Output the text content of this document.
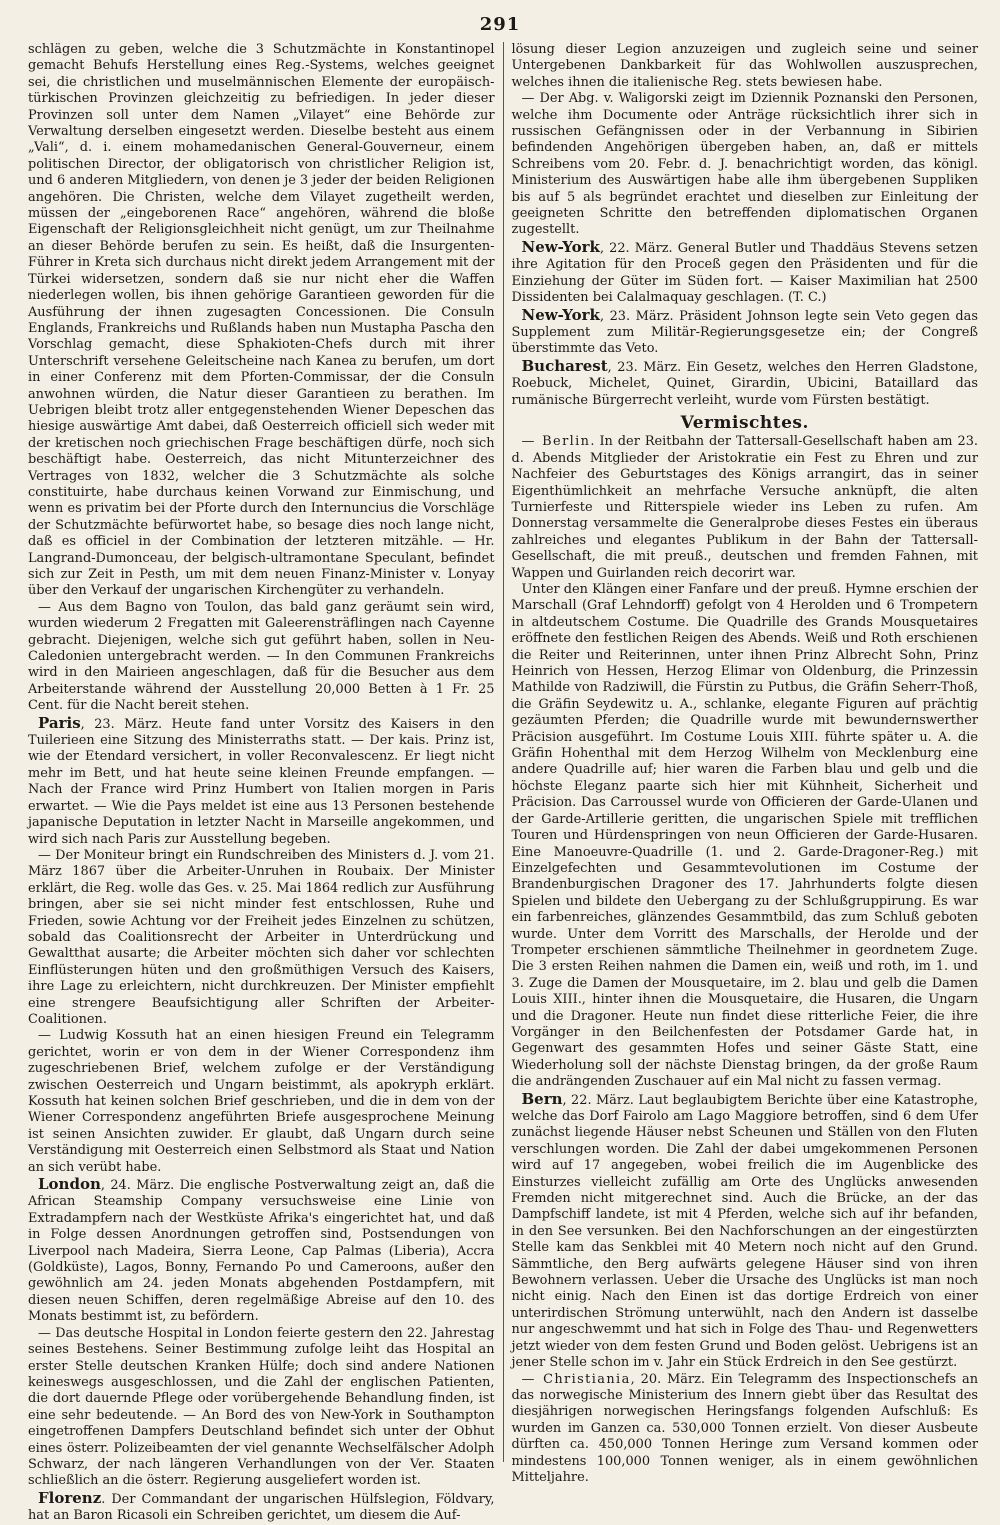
291

schlägen zu geben, welche die 3 Schutzmächte in Konstantinopel gemacht Behufs Herstellung eines Reg.-Systems, welches geeignet sei, die christlichen und muselmännischen Elemente der europäisch-türkischen Provinzen gleichzeitig zu befriedigen. In jeder dieser Provinzen soll unter dem Namen „Vilayet“ eine Behörde zur Verwaltung derselben eingesetzt werden. Dieselbe besteht aus einem „Vali“, d. i. einem mohamedanischen General-Gouverneur, einem politischen Director, der obligatorisch von christlicher Religion ist, und 6 anderen Mitgliedern, von denen je 3 jeder der beiden Religionen angehören. Die Christen, welche dem Vilayet zugetheilt werden, müssen der „eingeborenen Race“ angehören, während die bloße Eigenschaft der Religionsgleichheit nicht genügt, um zur Theilnahme an dieser Behörde berufen zu sein. Es heißt, daß die Insurgenten-Führer in Kreta sich durchaus nicht direkt jedem Arrangement mit der Türkei widersetzen, sondern daß sie nur nicht eher die Waffen niederlegen wollen, bis ihnen gehörige Garantieen geworden für die Ausführung der ihnen zugesagten Concessionen. Die Consuln Englands, Frankreichs und Rußlands haben nun Mustapha Pascha den Vorschlag gemacht, diese Sphakioten-Chefs durch mit ihrer Unterschrift versehene Geleitscheine nach Kanea zu berufen, um dort in einer Conferenz mit dem Pforten-Commissar, der die Consuln anwohnen würden, die Natur dieser Garantieen zu berathen. Im Uebrigen bleibt trotz aller entgegenstehenden Wiener Depeschen das hiesige auswärtige Amt dabei, daß Oesterreich officiell sich weder mit der kretischen noch griechischen Frage beschäftigen dürfe, noch sich beschäftigt habe. Oesterreich, das nicht Mitunterzeichner des Vertrages von 1832, welcher die 3 Schutzmächte als solche constituirte, habe durchaus keinen Vorwand zur Einmischung, und wenn es privatim bei der Pforte durch den Internuncius die Vorschläge der Schutzmächte befürwortet habe, so besage dies noch lange nicht, daß es officiel in der Combination der letzteren mitzähle. — Hr. Langrand-Dumonceau, der belgisch-ultramontane Speculant, befindet sich zur Zeit in Pesth, um mit dem neuen Finanz-Minister v. Lonyay über den Verkauf der ungarischen Kirchengüter zu verhandeln.

— Aus dem Bagno von Toulon, das bald ganz geräumt sein wird, wurden wiederum 2 Fregatten mit Galeerensträflingen nach Cayenne gebracht. Diejenigen, welche sich gut geführt haben, sollen in Neu-Caledonien untergebracht werden. — In den Communen Frankreichs wird in den Mairieen angeschlagen, daß für die Besucher aus dem Arbeiterstande während der Ausstellung 20,000 Betten à 1 Fr. 25 Cent. für die Nacht bereit stehen.

Paris, 23. März. Heute fand unter Vorsitz des Kaisers in den Tuilerieen eine Sitzung des Ministerraths statt. — Der kais. Prinz ist, wie der Etendard versichert, in voller Reconvalescenz. Er liegt nicht mehr im Bett, und hat heute seine kleinen Freunde empfangen. — Nach der France wird Prinz Humbert von Italien morgen in Paris erwartet. — Wie die Pays meldet ist eine aus 13 Personen bestehende japanische Deputation in letzter Nacht in Marseille angekommen, und wird sich nach Paris zur Ausstellung begeben.

— Der Moniteur bringt ein Rundschreiben des Ministers d. J. vom 21. März 1867 über die Arbeiter-Unruhen in Roubaix. Der Minister erklärt, die Reg. wolle das Ges. v. 25. Mai 1864 redlich zur Ausführung bringen, aber sie sei nicht minder fest entschlossen, Ruhe und Frieden, sowie Achtung vor der Freiheit jedes Einzelnen zu schützen, sobald das Coalitionsrecht der Arbeiter in Unterdrückung und Gewaltthat ausarte; die Arbeiter möchten sich daher vor schlechten Einflüsterungen hüten und den großmüthigen Versuch des Kaisers, ihre Lage zu erleichtern, nicht durchkreuzen. Der Minister empfiehlt eine strengere Beaufsichtigung aller Schriften der Arbeiter-Coalitionen.

— Ludwig Kossuth hat an einen hiesigen Freund ein Telegramm gerichtet, worin er von dem in der Wiener Correspondenz ihm zugeschriebenen Brief, welchem zufolge er der Verständigung zwischen Oesterreich und Ungarn beistimmt, als apokryph erklärt. Kossuth hat keinen solchen Brief geschrieben, und die in dem von der Wiener Correspondenz angeführten Briefe ausgesprochene Meinung ist seinen Ansichten zuwider. Er glaubt, daß Ungarn durch seine Verständigung mit Oesterreich einen Selbstmord als Staat und Nation an sich verübt habe.

London, 24. März. Die englische Postverwaltung zeigt an, daß die African Steamship Company versuchsweise eine Linie von Extradampfern nach der Westküste Afrika's eingerichtet hat, und daß in Folge dessen Anordnungen getroffen sind, Postsendungen von Liverpool nach Madeira, Sierra Leone, Cap Palmas (Liberia), Accra (Goldküste), Lagos, Bonny, Fernando Po und Cameroons, außer den gewöhnlich am 24. jeden Monats abgehenden Postdampfern, mit diesen neuen Schiffen, deren regelmäßige Abreise auf den 10. des Monats bestimmt ist, zu befördern.

— Das deutsche Hospital in London feierte gestern den 22. Jahrestag seines Bestehens. Seiner Bestimmung zufolge leiht das Hospital an erster Stelle deutschen Kranken Hülfe; doch sind andere Nationen keineswegs ausgeschlossen, und die Zahl der englischen Patienten, die dort dauernde Pflege oder vorübergehende Behandlung finden, ist eine sehr bedeutende. — An Bord des von New-York in Southampton eingetroffenen Dampfers Deutschland befindet sich unter der Obhut eines österr. Polizeibeamten der viel genannte Wechselfälscher Adolph Schwarz, der nach längeren Verhandlungen von der Ver. Staaten schließlich an die österr. Regierung ausgeliefert worden ist.

Florenz. Der Commandant der ungarischen Hülfslegion, Földvary, hat an Baron Ricasoli ein Schreiben gerichtet, um diesem die Auf-

lösung dieser Legion anzuzeigen und zugleich seine und seiner Untergebenen Dankbarkeit für das Wohlwollen auszusprechen, welches ihnen die italienische Reg. stets bewiesen habe.

— Der Abg. v. Waligorski zeigt im Dziennik Poznanski den Personen, welche ihm Documente oder Anträge rücksichtlich ihrer sich in russischen Gefängnissen oder in der Verbannung in Sibirien befindenden Angehörigen übergeben haben, an, daß er mittels Schreibens vom 20. Febr. d. J. benachrichtigt worden, das königl. Ministerium des Auswärtigen habe alle ihm übergebenen Suppliken bis auf 5 als begründet erachtet und dieselben zur Einleitung der geeigneten Schritte den betreffenden diplomatischen Organen zugestellt.

New-York, 22. März. General Butler und Thaddäus Stevens setzen ihre Agitation für den Proceß gegen den Präsidenten und für die Einziehung der Güter im Süden fort. — Kaiser Maximilian hat 2500 Dissidenten bei Calalmaquay geschlagen. (T. C.)

New-York, 23. März. Präsident Johnson legte sein Veto gegen das Supplement zum Militär-Regierungsgesetze ein; der Congreß überstimmte das Veto.

Bucharest, 23. März. Ein Gesetz, welches den Herren Gladstone, Roebuck, Michelet, Quinet, Girardin, Ubicini, Bataillard das rumänische Bürgerrecht verleiht, wurde vom Fürsten bestätigt.

Vermischtes.

— Berlin. In der Reitbahn der Tattersall-Gesellschaft haben am 23. d. Abends Mitglieder der Aristokratie ein Fest zu Ehren und zur Nachfeier des Geburtstages des Königs arrangirt, das in seiner Eigenthümlichkeit an mehrfache Versuche anknüpft, die alten Turnierfeste und Ritterspiele wieder ins Leben zu rufen. Am Donnerstag versammelte die Generalprobe dieses Festes ein überaus zahlreiches und elegantes Publikum in der Bahn der Tattersall-Gesellschaft, die mit preuß., deutschen und fremden Fahnen, mit Wappen und Guirlanden reich decorirt war.

Unter den Klängen einer Fanfare und der preuß. Hymne erschien der Marschall (Graf Lehndorff) gefolgt von 4 Herolden und 6 Trompetern in altdeutschem Costume. Die Quadrille des Grands Mousquetaires eröffnete den festlichen Reigen des Abends. Weiß und Roth erschienen die Reiter und Reiterinnen, unter ihnen Prinz Albrecht Sohn, Prinz Heinrich von Hessen, Herzog Elimar von Oldenburg, die Prinzessin Mathilde von Radziwill, die Fürstin zu Putbus, die Gräfin Seherr-Thoß, die Gräfin Seydewitz u. A., schlanke, elegante Figuren auf prächtig gezäumten Pferden; die Quadrille wurde mit bewundernswerther Präcision ausgeführt. Im Costume Louis XIII. führte später u. A. die Gräfin Hohenthal mit dem Herzog Wilhelm von Mecklenburg eine andere Quadrille auf; hier waren die Farben blau und gelb und die höchste Eleganz paarte sich hier mit Kühnheit, Sicherheit und Präcision. Das Carroussel wurde von Officieren der Garde-Ulanen und der Garde-Artillerie geritten, die ungarischen Spiele mit trefflichen Touren und Hürdenspringen von neun Officieren der Garde-Husaren. Eine Manoeuvre-Quadrille (1. und 2. Garde-Dragoner-Reg.) mit Einzelgefechten und Gesammtevolutionen im Costume der Brandenburgischen Dragoner des 17. Jahrhunderts folgte diesen Spielen und bildete den Uebergang zu der Schlußgruppirung. Es war ein farbenreiches, glänzendes Gesammtbild, das zum Schluß geboten wurde. Unter dem Vorritt des Marschalls, der Herolde und der Trompeter erschienen sämmtliche Theilnehmer in geordnetem Zuge. Die 3 ersten Reihen nahmen die Damen ein, weiß und roth, im 1. und 3. Zuge die Damen der Mousquetaire, im 2. blau und gelb die Damen Louis XIII., hinter ihnen die Mousquetaire, die Husaren, die Ungarn und die Dragoner. Heute nun findet diese ritterliche Feier, die ihre Vorgänger in den Beilchenfesten der Potsdamer Garde hat, in Gegenwart des gesammten Hofes und seiner Gäste Statt, eine Wiederholung soll der nächste Dienstag bringen, da der große Raum die andrängenden Zuschauer auf ein Mal nicht zu fassen vermag.

Bern, 22. März. Laut beglaubigtem Berichte über eine Katastrophe, welche das Dorf Fairolo am Lago Maggiore betroffen, sind 6 dem Ufer zunächst liegende Häuser nebst Scheunen und Ställen von den Fluten verschlungen worden. Die Zahl der dabei umgekommenen Personen wird auf 17 angegeben, wobei freilich die im Augenblicke des Einsturzes vielleicht zufällig am Orte des Unglücks anwesenden Fremden nicht mitgerechnet sind. Auch die Brücke, an der das Dampfschiff landete, ist mit 4 Pferden, welche sich auf ihr befanden, in den See versunken. Bei den Nachforschungen an der eingestürzten Stelle kam das Senkblei mit 40 Metern noch nicht auf den Grund. Sämmtliche, den Berg aufwärts gelegene Häuser sind von ihren Bewohnern verlassen. Ueber die Ursache des Unglücks ist man noch nicht einig. Nach den Einen ist das dortige Erdreich von einer unterirdischen Strömung unterwühlt, nach den Andern ist dasselbe nur angeschwemmt und hat sich in Folge des Thau- und Regenwetters jetzt wieder von dem festen Grund und Boden gelöst. Uebrigens ist an jener Stelle schon im v. Jahr ein Stück Erdreich in den See gestürzt.

— Christiania, 20. März. Ein Telegramm des Inspectionschefs an das norwegische Ministerium des Innern giebt über das Resultat des diesjährigen norwegischen Heringsfangs folgenden Aufschluß: Es wurden im Ganzen ca. 530,000 Tonnen erzielt. Von dieser Ausbeute dürften ca. 450,000 Tonnen Heringe zum Versand kommen oder mindestens 100,000 Tonnen weniger, als in einem gewöhnlichen Mitteljahre.
